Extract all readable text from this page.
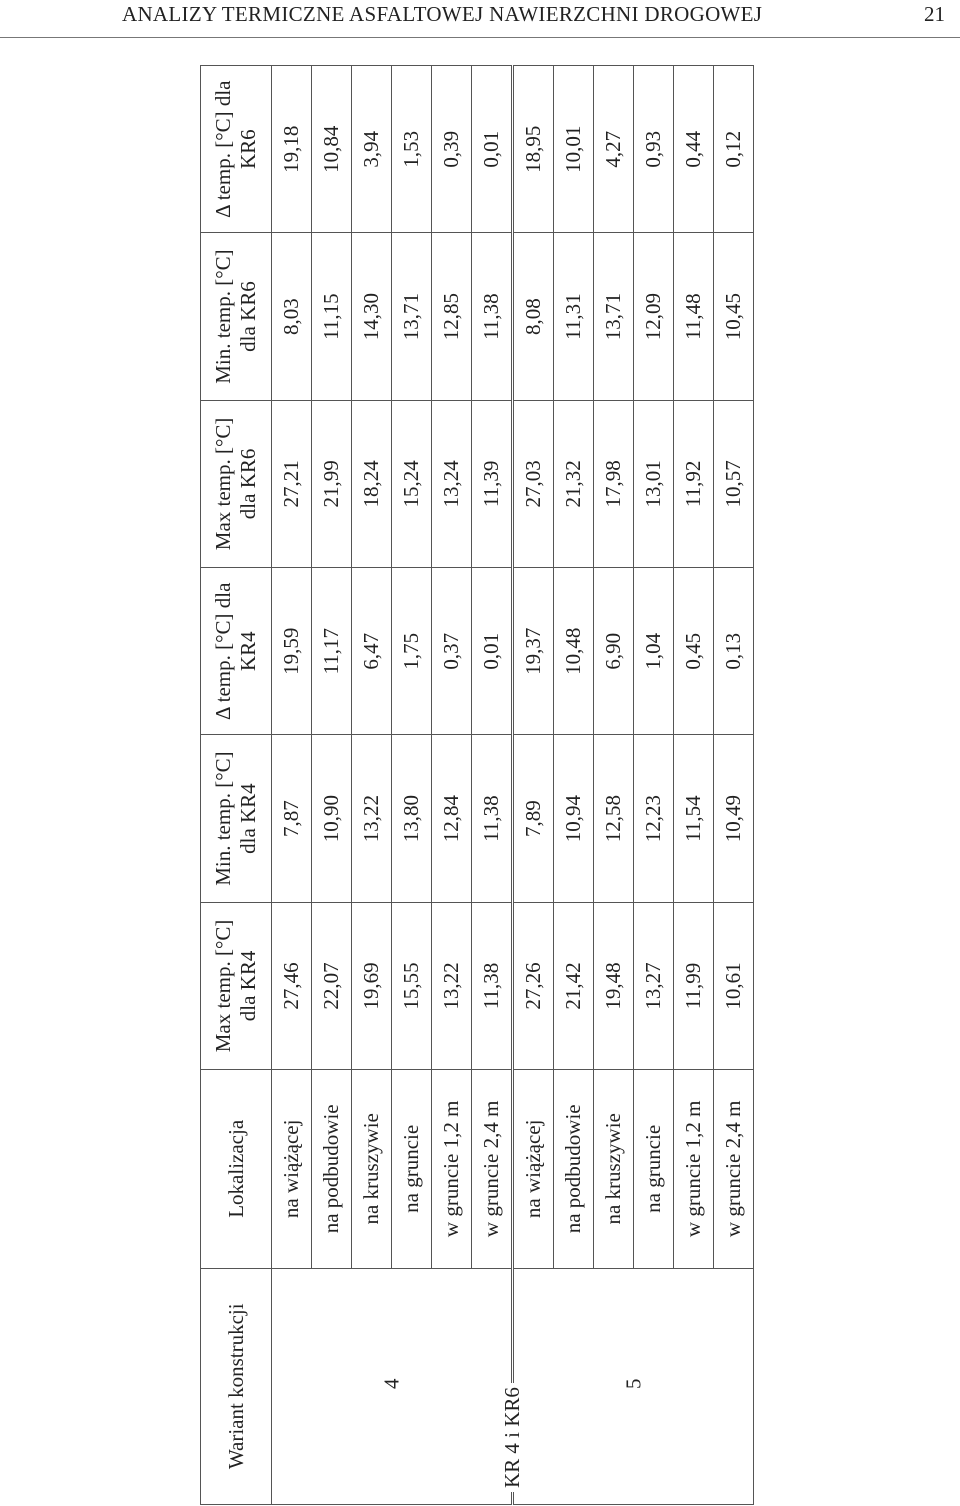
ANALIZY TERMICZNE ASFALTOWEJ NAWIERZCHNI DROGOWEJ	21
Wariant konstrukcji	Lokalizacja	Max temp. [°C] dla KR4	Min. temp. [°C] dla KR4	Δ temp. [°C] dla KR4	Max temp. [°C] dla KR6	Min. temp. [°C] dla KR6	Δ temp. [°C] dla KR6

KR 4 i KR6
4	na wiążącej	27,46	7,87	19,59	27,21	8,03	19,18
	na podbudowie	22,07	10,90	11,17	21,99	11,15	10,84
	na kruszywie	19,69	13,22	6,47	18,24	14,30	3,94
	na gruncie	15,55	13,80	1,75	15,24	13,71	1,53
	w gruncie 1,2 m	13,22	12,84	0,37	13,24	12,85	0,39
	w gruncie 2,4 m	11,38	11,38	0,01	11,39	11,38	0,01

5	na wiążącej	27,26	7,89	19,37	27,03	8,08	18,95
	na podbudowie	21,42	10,94	10,48	21,32	11,31	10,01
	na kruszywie	19,48	12,58	6,90	17,98	13,71	4,27
	na gruncie	13,27	12,23	1,04	13,01	12,09	0,93
	w gruncie 1,2 m	11,99	11,54	0,45	11,92	11,48	0,44
	w gruncie 2,4 m	10,61	10,49	0,13	10,57	10,45	0,12
